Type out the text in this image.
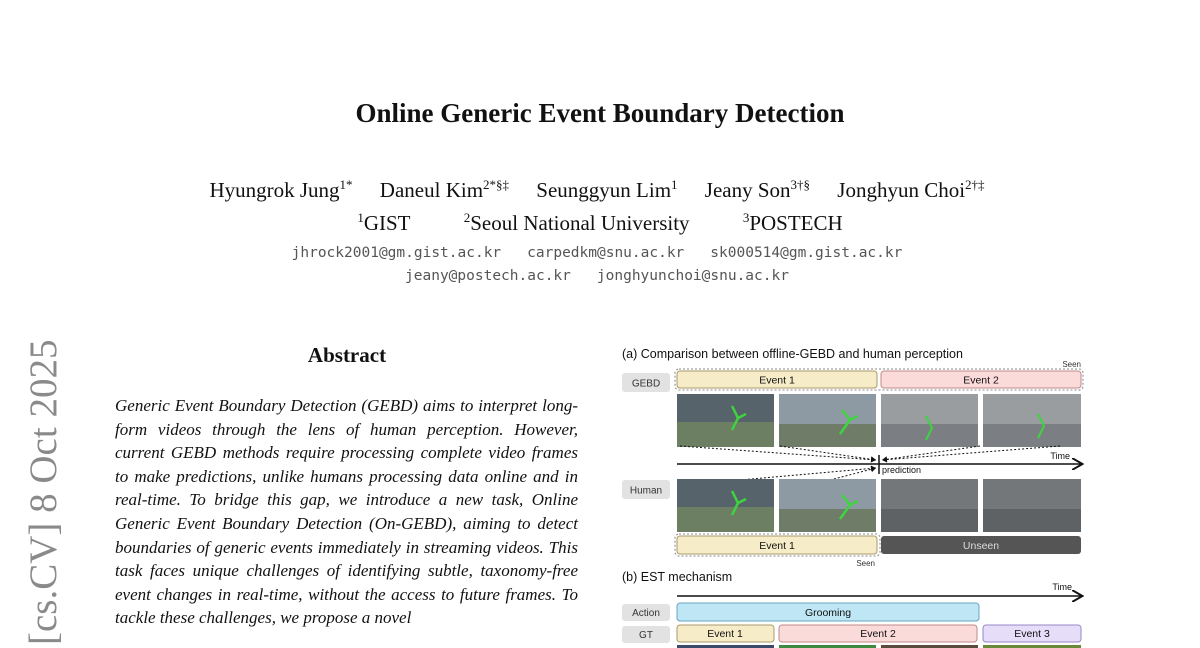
Online Generic Event Boundary Detection
Hyungrok Jung$^{1*}$ Daneul Kim$^{2*\S\ddagger}$ Seunggyun Lim$^1$ Jeany Son$^{3\dagger\S}$ Jonghyun Choi$^{2\dagger\ddagger}$
$^1$GIST	$^2$Seoul National University	$^3$POSTECH
jhrock2001@gm.gist.ac.kr carpedkm@snu.ac.kr sk000514@gm.gist.ac.kr
jeany@postech.ac.kr jonghyunchoi@snu.ac.kr
[cs.CV] 8 Oct 2025	Abstract
Generic Event Boundary Detection (GEBD) aims to interpret long-form videos through the lens of human perception. However, current GEBD methods require processing complete video frames to make predictions, unlike humans processing data online and in real-time. To bridge this gap, we introduce a new task, Online Generic Event Boundary Detection (On-GEBD), aiming to detect boundaries of generic events immediately in streaming videos. This task faces unique challenges of identifying subtle, taxonomy-free event changes in real-time, without the access to future frames. To tackle these challenges, we propose a novel
(a) Comparison between offline-GEBD and human perception
Seen
GEBD	Event 1	Event 2
Time
prediction
Human
Event 1	Unseen
Seen
(b) EST mechanism
Time
Action	Grooming
GT	Event 1	Event 2	Event 3
